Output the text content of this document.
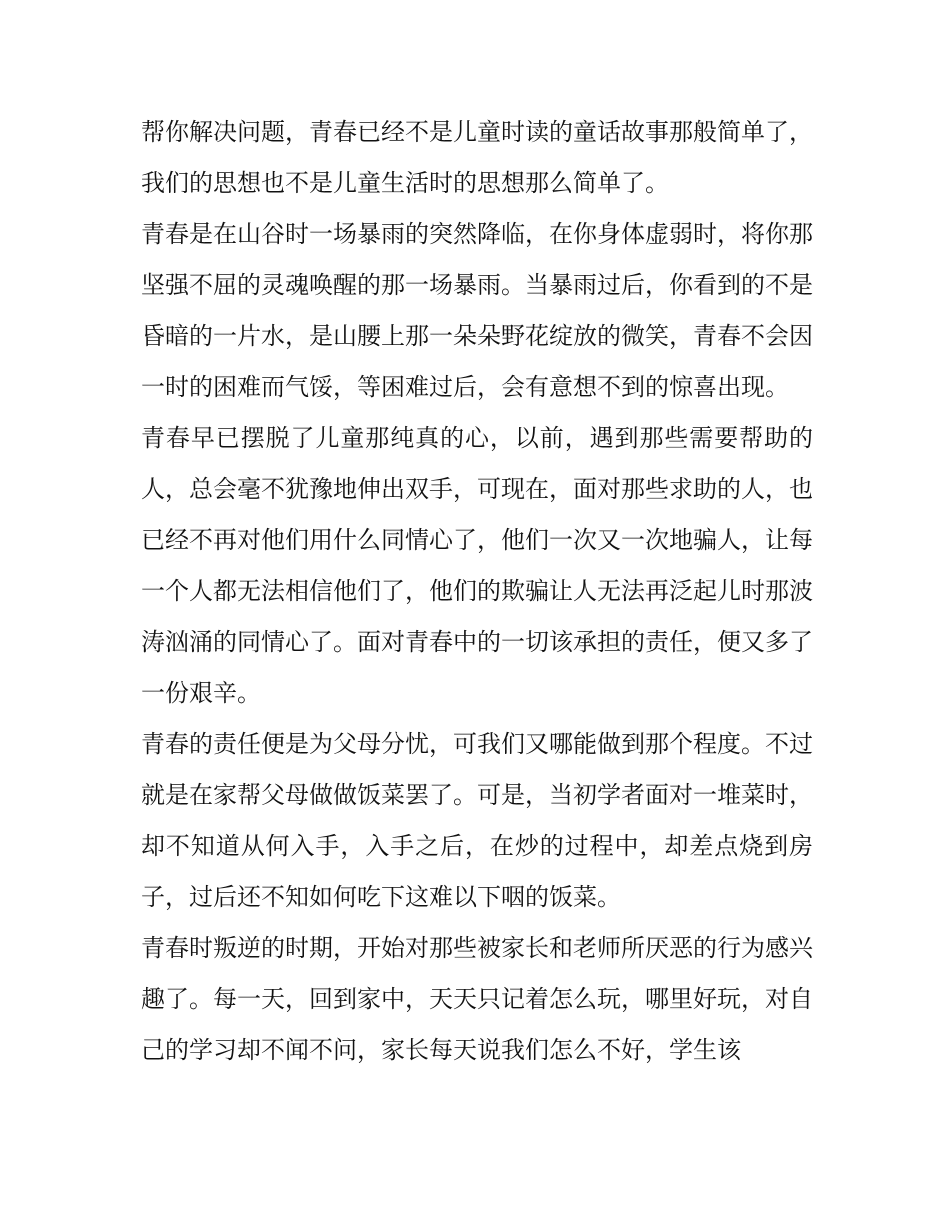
帮你解决问题，青春已经不是儿童时读的童话故事那般简单了，我们的思想也不是儿童生活时的思想那么简单了。

青春是在山谷时一场暴雨的突然降临，在你身体虚弱时，将你那坚强不屈的灵魂唤醒的那一场暴雨。当暴雨过后，你看到的不是昏暗的一片水，是山腰上那一朵朵野花绽放的微笑，青春不会因一时的困难而气馁，等困难过后，会有意想不到的惊喜出现。

青春早已摆脱了儿童那纯真的心，以前，遇到那些需要帮助的人，总会毫不犹豫地伸出双手，可现在，面对那些求助的人，也已经不再对他们用什么同情心了，他们一次又一次地骗人，让每一个人都无法相信他们了，他们的欺骗让人无法再泛起儿时那波涛汹涌的同情心了。面对青春中的一切该承担的责任，便又多了一份艰辛。

青春的责任便是为父母分忧，可我们又哪能做到那个程度。不过就是在家帮父母做做饭菜罢了。可是，当初学者面对一堆菜时，却不知道从何入手，入手之后，在炒的过程中，却差点烧到房子，过后还不知如何吃下这难以下咽的饭菜。

青春时叛逆的时期，开始对那些被家长和老师所厌恶的行为感兴趣了。每一天，回到家中，天天只记着怎么玩，哪里好玩，对自己的学习却不闻不问，家长每天说我们怎么不好，学生该
